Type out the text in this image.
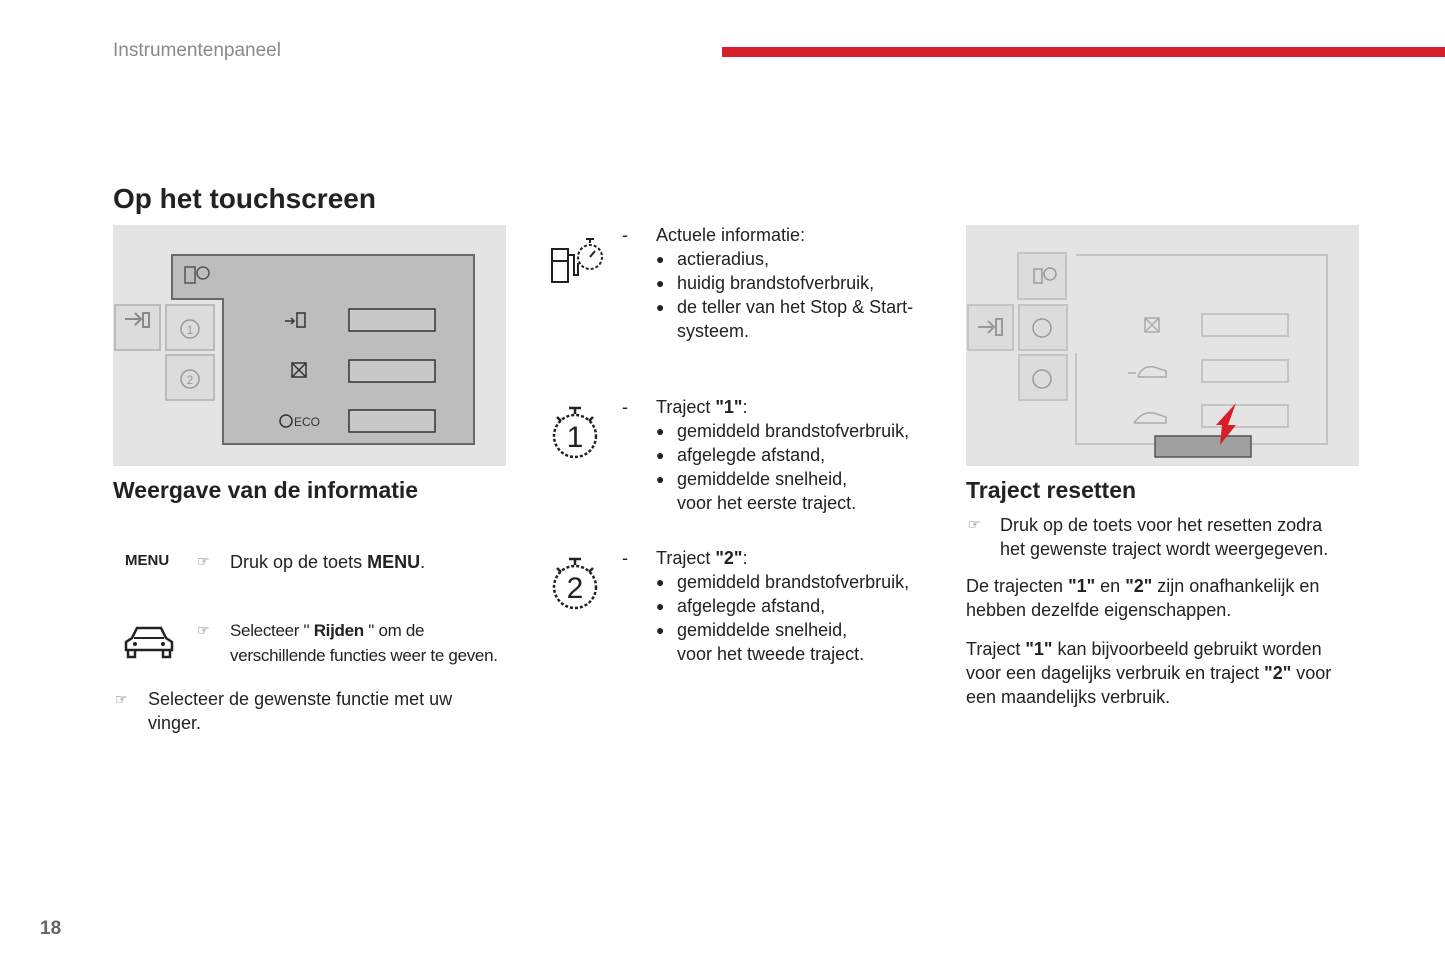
Instrumentenpaneel
Op het touchscreen
1
2
ECO
Weergave van de informatie
MENU ☞ Druk op de toets MENU.
☞ Selecteer " Rijden " om de
verschillende functies weer te geven.
☞ Selecteer de gewenste functie met uw
vinger.
- Actuele informatie:
● actieradius,
● huidig brandstofverbruik,
● de teller van het Stop & Start-
systeem.
1
- Traject "1":
● gemiddeld brandstofverbruik,
● afgelegde afstand,
● gemiddelde snelheid,
voor het eerste traject.
2
- Traject "2":
● gemiddeld brandstofverbruik,
● afgelegde afstand,
● gemiddelde snelheid,
voor het tweede traject.
Traject resetten
☞ Druk op de toets voor het resetten zodra
het gewenste traject wordt weergegeven.
De trajecten "1" en "2" zijn onafhankelijk en
hebben dezelfde eigenschappen.
Traject "1" kan bijvoorbeeld gebruikt worden
voor een dagelijks verbruik en traject "2" voor
een maandelijks verbruik.
18
